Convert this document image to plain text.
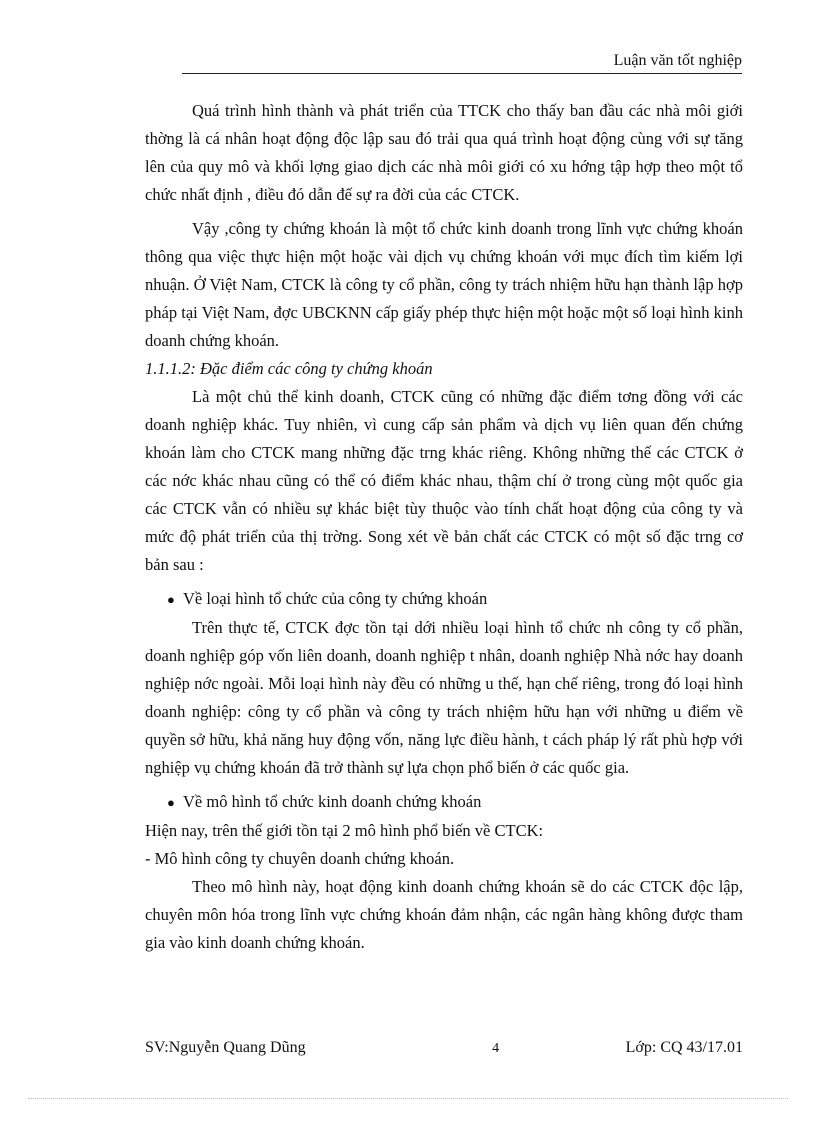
Luận văn tốt nghiệp

Quá trình hình thành và phát triển của TTCK cho thấy ban đầu các nhà môi giới thờng là cá nhân hoạt động độc lập sau đó trải qua quá trình hoạt động cùng với sự tăng lên của quy mô và khối lợng giao dịch các nhà môi giới có xu hớng tập hợp theo một tổ chức nhất định , điều đó dẫn đế sự ra đời của các CTCK.

Vậy ,công ty chứng khoán là một tổ chức kinh doanh trong lĩnh vực chứng khoán thông qua việc thực hiện một hoặc vài dịch vụ chứng khoán với mục đích tìm kiếm lợi nhuận. Ở Việt Nam, CTCK là công ty cổ phần, công ty trách nhiệm hữu hạn thành lập hợp pháp tại Việt Nam, đợc UBCKNN cấp giấy phép thực hiện một hoặc một số loại hình kinh doanh chứng khoán.

1.1.1.2: Đặc điểm các công ty chứng khoán

Là một chủ thể kinh doanh, CTCK cũng có những đặc điểm tơng đồng với các doanh nghiệp khác. Tuy nhiên, vì cung cấp sản phẩm và dịch vụ liên quan đến chứng khoán làm cho CTCK mang những đặc trng khác riêng. Không những thế các CTCK ở các nớc khác nhau cũng có thể có điểm khác nhau, thậm chí ở trong cùng một quốc gia các CTCK vẫn có nhiều sự khác biệt tùy thuộc vào tính chất hoạt động của công ty và mức độ phát triển của thị trờng. Song xét về bản chất các CTCK có một số đặc trng cơ bản sau :

● Về loại hình tổ chức của công ty chứng khoán

Trên thực tế, CTCK đợc tồn tại dới nhiều loại hình tổ chức nh công ty cổ phần, doanh nghiệp góp vốn liên doanh, doanh nghiệp t nhân, doanh nghiệp Nhà nớc hay doanh nghiệp nớc ngoài. Mỗi loại hình này đều có những u thế, hạn chế riêng, trong đó loại hình doanh nghiệp: công ty cổ phần và công ty trách nhiệm hữu hạn với những u điểm về quyền sở hữu, khả năng huy động vốn, năng lực điều hành, t cách pháp lý rất phù hợp với nghiệp vụ chứng khoán đã trở thành sự lựa chọn phổ biến ở các quốc gia.

● Về mô hình tổ chức kinh doanh chứng khoán

Hiện nay, trên thế giới tồn tại 2 mô hình phổ biến về CTCK:

- Mô hình công ty chuyên doanh chứng khoán.

Theo mô hình này, hoạt động kinh doanh chứng khoán sẽ do các CTCK độc lập, chuyên môn hóa trong lĩnh vực chứng khoán đảm nhận, các ngân hàng không được tham gia vào kinh doanh chứng khoán.

SV:Nguyễn Quang Dũng	4	Lớp: CQ 43/17.01
